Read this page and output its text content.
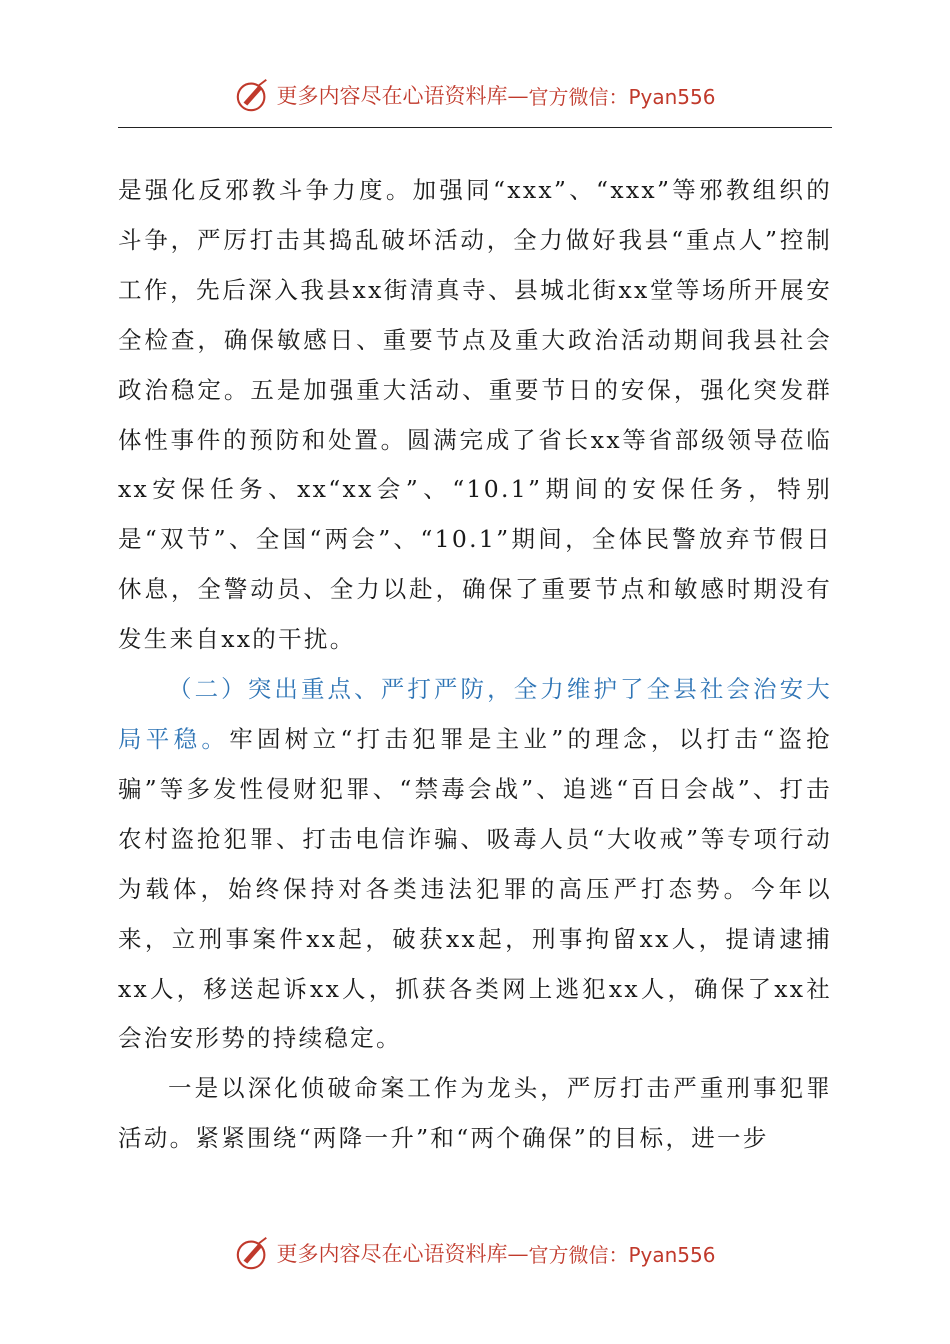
更多内容尽在心语资料库— 官方微信：Pyan556

是强化反邪教斗争力度。加强同“xxx”、“xxx”等邪教组织的斗争，严厉打击其捣乱破坏活动，全力做好我县“重点人”控制工作，先后深入我县xx街清真寺、县城北街xx堂等场所开展安全检查，确保敏感日、重要节点及重大政治活动期间我县社会政治稳定。五是加强重大活动、重要节日的安保，强化突发群体性事件的预防和处置。圆满完成了省长xx等省部级领导莅临xx安保任务、xx“xx会”、“10.1”期间的安保任务，特别是“双节”、全国“两会”、“10.1”期间，全体民警放弃节假日休息，全警动员、全力以赴，确保了重要节点和敏感时期没有发生来自xx的干扰。

（二）突出重点、严打严防，全力维护了全县社会治安大局平稳。牢固树立“打击犯罪是主业”的理念，以打击“盗抢骗”等多发性侵财犯罪、“禁毒会战”、追逃“百日会战”、打击农村盗抢犯罪、打击电信诈骗、吸毒人员“大收戒”等专项行动为载体，始终保持对各类违法犯罪的高压严打态势。今年以来，立刑事案件xx起，破获xx起，刑事拘留xx人，提请逮捕xx人，移送起诉xx人，抓获各类网上逃犯xx人，确保了xx社会治安形势的持续稳定。

一是以深化侦破命案工作为龙头，严厉打击严重刑事犯罪活动。紧紧围绕“两降一升”和“两个确保”的目标，进一步

更多内容尽在心语资料库— 官方微信：Pyan556
